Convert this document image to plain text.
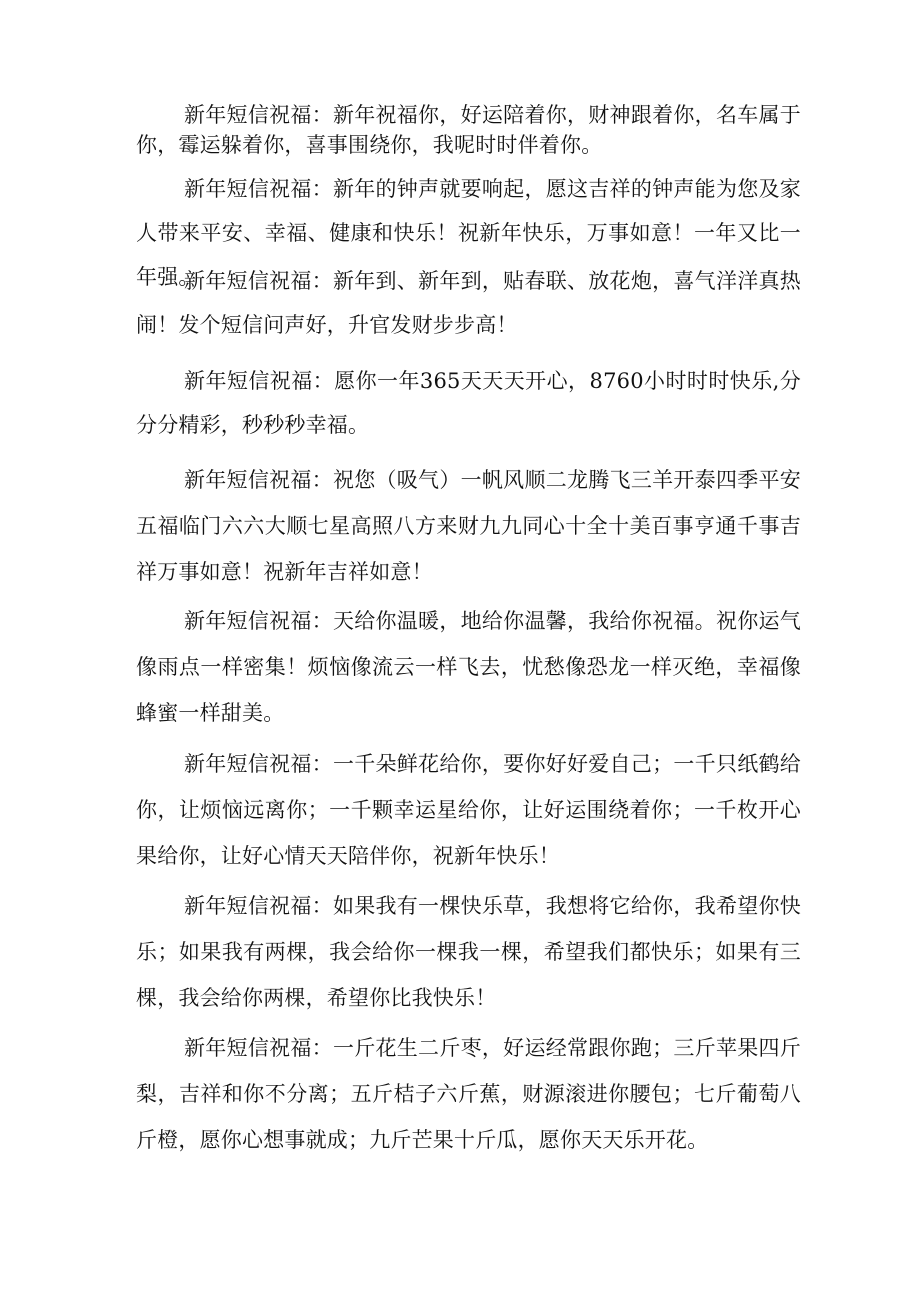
新年短信祝福：新年祝福你，好运陪着你，财神跟着你，名车属于你，霉运躲着你，喜事围绕你，我呢时时伴着你。

新年短信祝福：新年的钟声就要响起，愿这吉祥的钟声能为您及家人带来平安、幸福、健康和快乐！祝新年快乐，万事如意！一年又比一年强。

新年短信祝福：新年到、新年到，贴春联、放花炮，喜气洋洋真热闹！发个短信问声好，升官发财步步高！

新年短信祝福：愿你一年365天天天开心，8760小时时时快乐,分分分精彩，秒秒秒幸福。

新年短信祝福：祝您（吸气）一帆风顺二龙腾飞三羊开泰四季平安五福临门六六大顺七星高照八方来财九九同心十全十美百事亨通千事吉祥万事如意！祝新年吉祥如意！

新年短信祝福：天给你温暖，地给你温馨，我给你祝福。祝你运气像雨点一样密集！烦恼像流云一样飞去，忧愁像恐龙一样灭绝，幸福像蜂蜜一样甜美。

新年短信祝福：一千朵鲜花给你，要你好好爱自己；一千只纸鹤给你，让烦恼远离你；一千颗幸运星给你，让好运围绕着你；一千枚开心果给你，让好心情天天陪伴你，祝新年快乐！

新年短信祝福：如果我有一棵快乐草，我想将它给你，我希望你快乐；如果我有两棵，我会给你一棵我一棵，希望我们都快乐；如果有三棵，我会给你两棵，希望你比我快乐！

新年短信祝福：一斤花生二斤枣，好运经常跟你跑；三斤苹果四斤梨，吉祥和你不分离；五斤桔子六斤蕉，财源滚进你腰包；七斤葡萄八斤橙，愿你心想事就成；九斤芒果十斤瓜，愿你天天乐开花。
